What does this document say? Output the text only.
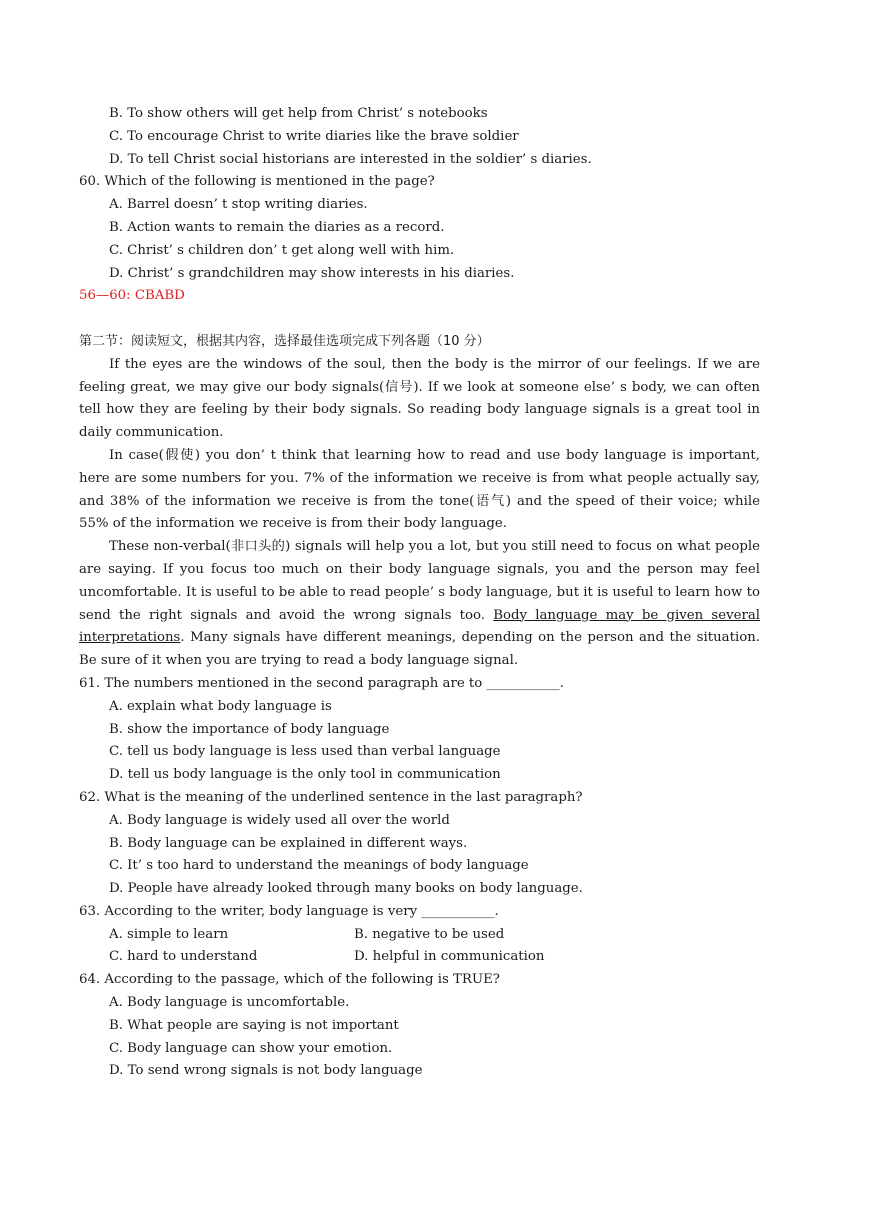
B. To show others will get help from Christ’ s notebooks
C. To encourage Christ to write diaries like the brave soldier
D. To tell Christ social historians are interested in the soldier’ s diaries.
60. Which of the following is mentioned in the page?
A. Barrel doesn’ t stop writing diaries.
B. Action wants to remain the diaries as a record.
C. Christ’ s children don’ t get along well with him.
D. Christ’ s grandchildren may show interests in his diaries.
56—60: CBABD
第二节：阅读短文，根据其内容，选择最佳选项完成下列各题（10 分）
If the eyes are the windows of the soul, then the body is the mirror of our feelings. If we are feeling great, we may give our body signals(信号). If we look at someone else’ s body, we can often tell how they are feeling by their body signals. So reading body language signals is a great tool in daily communication.
In case(假使) you don’ t think that learning how to read and use body language is important, here are some numbers for you. 7% of the information we receive is from what people actually say, and 38% of the information we receive is from the tone(语气) and the speed of their voice; while 55% of the information we receive is from their body language.
These non-verbal(非口头的) signals will help you a lot, but you still need to focus on what people are saying. If you focus too much on their body language signals, you and the person may feel uncomfortable. It is useful to be able to read people’ s body language, but it is useful to learn how to send the right signals and avoid the wrong signals too. Body language may be given several interpretations. Many signals have different meanings, depending on the person and the situation. Be sure of it when you are trying to read a body language signal.
61. The numbers mentioned in the second paragraph are to ___________.
A. explain what body language is
B. show the importance of body language
C. tell us body language is less used than verbal language
D. tell us body language is the only tool in communication
62. What is the meaning of the underlined sentence in the last paragraph?
A. Body language is widely used all over the world
B. Body language can be explained in different ways.
C. It’ s too hard to understand the meanings of body language
D. People have already looked through many books on body language.
63. According to the writer, body language is very ___________.
A. simple to learn	B. negative to be used
C. hard to understand	D. helpful in communication
64. According to the passage, which of the following is TRUE?
A. Body language is uncomfortable.
B. What people are saying is not important
C. Body language can show your emotion.
D. To send wrong signals is not body language
